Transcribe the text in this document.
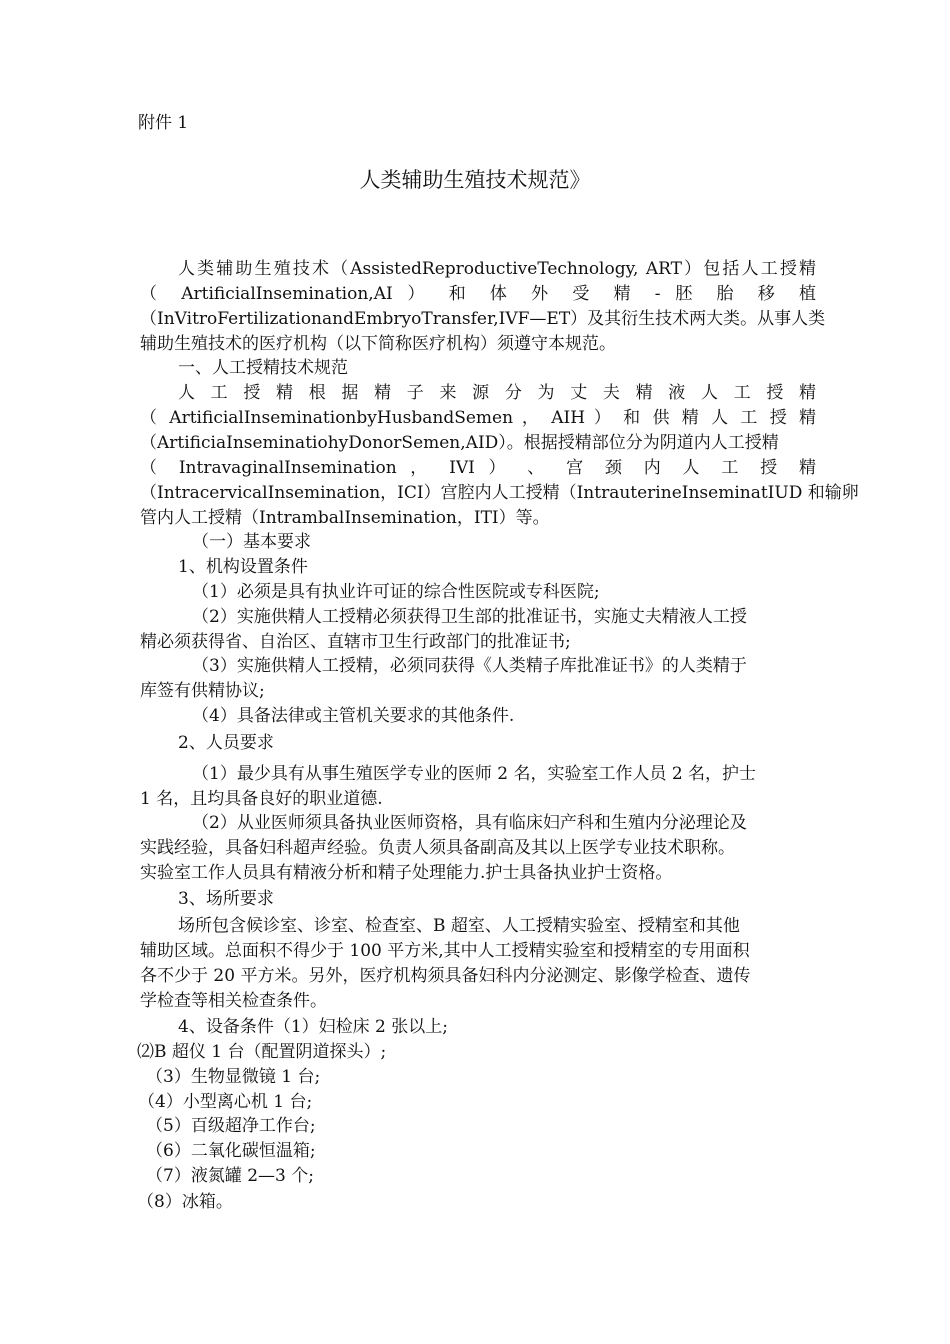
附件 1
人类辅助生殖技术规范》
人类辅助生殖技术（AssistedReproductiveTechnology, ART）包括人工授精
（ ArtificialInsemination,AI ） 和 体 外 受 精 - 胚 胎 移 植
（InVitroFertilizationandEmbryoTransfer,IVF—ET）及其衍生技术两大类。从事人类
辅助生殖技术的医疗机构（以下简称医疗机构）须遵守本规范。
一、人工授精技术规范
人 工 授 精 根 据 精 子 来 源 分 为 丈 夫 精 液 人 工 授 精
（ ArtificialInseminationbyHusbandSemen ， AIH ） 和 供 精 人 工 授 精
（ArtificiaInseminatiohyDonorSemen,AID）。根据授精部位分为阴道内人工授精
（ IntravaginalInsemination ， IVI ） 、 宫 颈 内 人 工 授 精
（IntracervicalInsemination，ICI）宫腔内人工授精（IntrauterineInseminatIUD 和输卵
管内人工授精（IntrambalInsemination，ITI）等。
（一）基本要求
1、机构设置条件
（1）必须是具有执业许可证的综合性医院或专科医院;
（2）实施供精人工授精必须获得卫生部的批准证书，实施丈夫精液人工授
精必须获得省、自治区、直辖市卫生行政部门的批准证书;
（3）实施供精人工授精，必须同获得《人类精子库批准证书》的人类精于
库签有供精协议;
（4）具备法律或主管机关要求的其他条件.
2、人员要求
（1）最少具有从事生殖医学专业的医师 2 名，实验室工作人员 2 名，护士
1 名，且均具备良好的职业道德.
（2）从业医师须具备执业医师资格，具有临床妇产科和生殖内分泌理论及
实践经验，具备妇科超声经验。负责人须具备副高及其以上医学专业技术职称。
实验室工作人员具有精液分析和精子处理能力.护士具备执业护士资格。
3、场所要求
场所包含候诊室、诊室、检查室、B 超室、人工授精实验室、授精室和其他
辅助区域。总面积不得少于 100 平方米,其中人工授精实验室和授精室的专用面积
各不少于 20 平方米。另外，医疗机构须具备妇科内分泌测定、影像学检查、遗传
学检查等相关检查条件。
4、设备条件（1）妇检床 2 张以上;
⑵B 超仪 1 台（配置阴道探头）;
（3）生物显微镜 1 台;
（4）小型离心机 1 台;
（5）百级超净工作台;
（6）二氧化碳恒温箱;
（7）液氮罐 2—3 个;
（8）冰箱。
